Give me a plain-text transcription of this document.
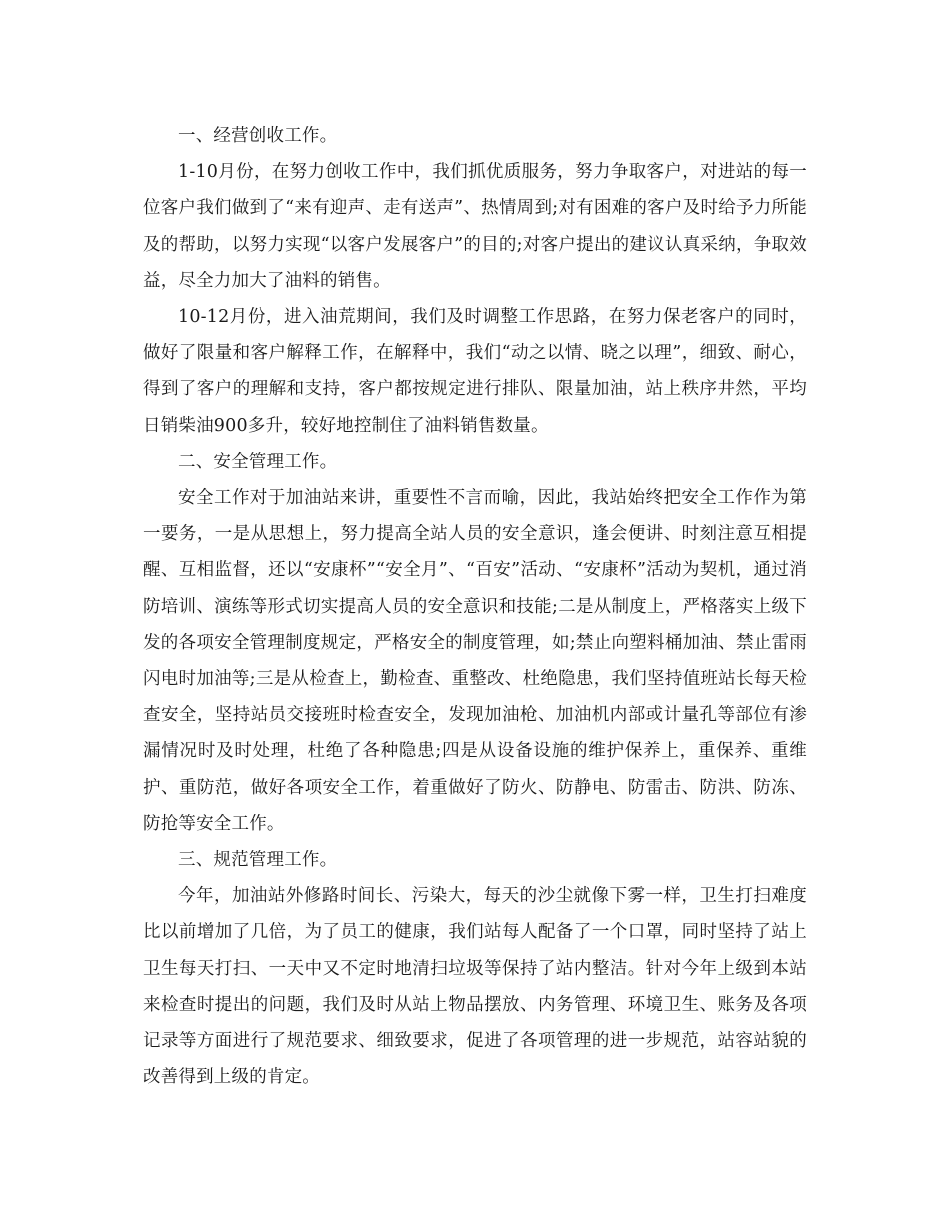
一、经营创收工作。

1-10月份，在努力创收工作中，我们抓优质服务，努力争取客户，对进站的每一位客户我们做到了“来有迎声、走有送声”、热情周到;对有困难的客户及时给予力所能及的帮助，以努力实现“以客户发展客户”的目的;对客户提出的建议认真采纳，争取效益，尽全力加大了油料的销售。

10-12月份，进入油荒期间，我们及时调整工作思路，在努力保老客户的同时，做好了限量和客户解释工作，在解释中，我们“动之以情、晓之以理”，细致、耐心，得到了客户的理解和支持，客户都按规定进行排队、限量加油，站上秩序井然，平均日销柴油900多升，较好地控制住了油料销售数量。

二、安全管理工作。

安全工作对于加油站来讲，重要性不言而喻，因此，我站始终把安全工作作为第一要务，一是从思想上，努力提高全站人员的安全意识，逢会便讲、时刻注意互相提醒、互相监督，还以“安康杯”“安全月”、“百安”活动、“安康杯”活动为契机，通过消防培训、演练等形式切实提高人员的安全意识和技能;二是从制度上，严格落实上级下发的各项安全管理制度规定，严格安全的制度管理，如;禁止向塑料桶加油、禁止雷雨闪电时加油等;三是从检查上，勤检查、重整改、杜绝隐患，我们坚持值班站长每天检查安全，坚持站员交接班时检查安全，发现加油枪、加油机内部或计量孔等部位有渗漏情况时及时处理，杜绝了各种隐患;四是从设备设施的维护保养上，重保养、重维护、重防范，做好各项安全工作，着重做好了防火、防静电、防雷击、防洪、防冻、防抢等安全工作。

三、规范管理工作。

今年，加油站外修路时间长、污染大，每天的沙尘就像下雾一样，卫生打扫难度比以前增加了几倍，为了员工的健康，我们站每人配备了一个口罩，同时坚持了站上卫生每天打扫、一天中又不定时地清扫垃圾等保持了站内整洁。针对今年上级到本站来检查时提出的问题，我们及时从站上物品摆放、内务管理、环境卫生、账务及各项记录等方面进行了规范要求、细致要求，促进了各项管理的进一步规范，站容站貌的改善得到上级的肯定。
